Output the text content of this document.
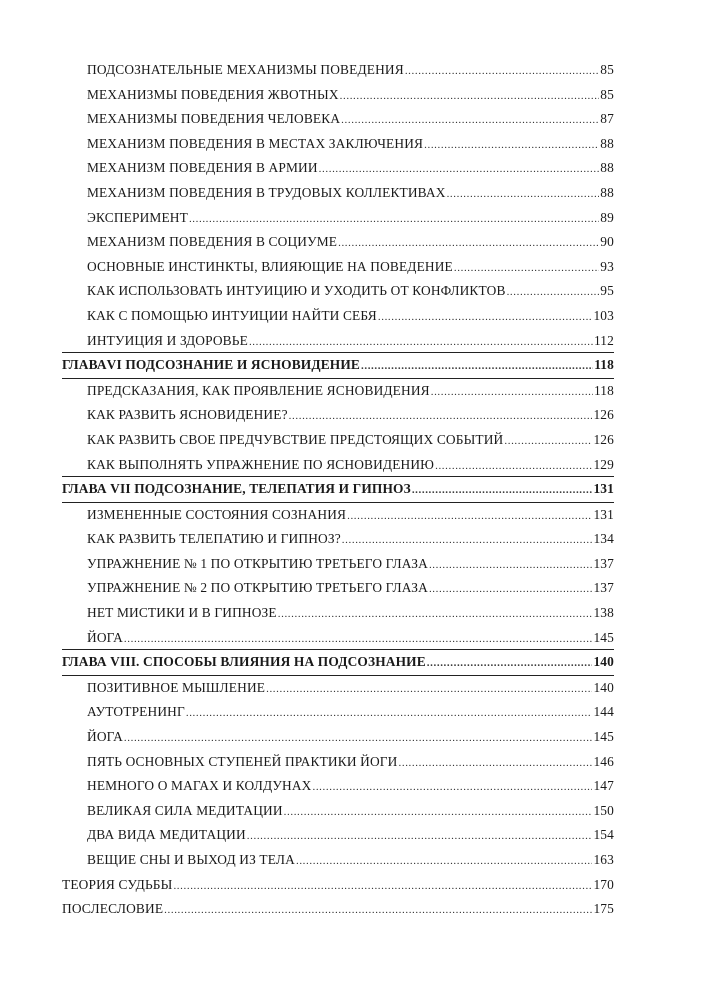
ПОДСОЗНАТЕЛЬНЫЕ МЕХАНИЗМЫ ПОВЕДЕНИЯ .....	85
МЕХАНИЗМЫ ПОВЕДЕНИЯ ЖВОТНЫХ .....	85
МЕХАНИЗМЫ ПОВЕДЕНИЯ ЧЕЛОВЕКА .....	87
МЕХАНИЗМ ПОВЕДЕНИЯ В МЕСТАХ ЗАКЛЮЧЕНИЯ .....	88
МЕХАНИЗМ ПОВЕДЕНИЯ В АРМИИ .....	88
МЕХАНИЗМ ПОВЕДЕНИЯ В ТРУДОВЫХ КОЛЛЕКТИВАХ .....	88
ЭКСПЕРИМЕНТ .....	89
МЕХАНИЗМ ПОВЕДЕНИЯ В СОЦИУМЕ .....	90
ОСНОВНЫЕ ИНСТИНКТЫ, ВЛИЯЮЩИЕ НА ПОВЕДЕНИЕ .....	93
КАК ИСПОЛЬЗОВАТЬ ИНТУИЦИЮ И УХОДИТЬ ОТ КОНФЛИКТОВ .....	95
КАК С ПОМОЩЬЮ ИНТУИЦИИ НАЙТИ СЕБЯ .....	103
ИНТУИЦИЯ И ЗДОРОВЬЕ .....	112
ГЛАВАVI ПОДСОЗНАНИЕ И ЯСНОВИДЕНИЕ .....	118
ПРЕДСКАЗАНИЯ, КАК ПРОЯВЛЕНИЕ ЯСНОВИДЕНИЯ .....	118
КАК РАЗВИТЬ ЯСНОВИДЕНИЕ? .....	126
КАК РАЗВИТЬ СВОЕ ПРЕДЧУВСТВИЕ ПРЕДСТОЯЩИХ СОБЫТИЙ .....	126
КАК ВЫПОЛНЯТЬ УПРАЖНЕНИЕ ПО ЯСНОВИДЕНИЮ .....	129
ГЛАВА VII ПОДСОЗНАНИЕ, ТЕЛЕПАТИЯ И ГИПНОЗ .....	131
ИЗМЕНЕННЫЕ СОСТОЯНИЯ СОЗНАНИЯ .....	131
КАК РАЗВИТЬ ТЕЛЕПАТИЮ И ГИПНОЗ? .....	134
УПРАЖНЕНИЕ № 1 ПО ОТКРЫТИЮ ТРЕТЬЕГО ГЛАЗА .....	137
УПРАЖНЕНИЕ № 2 ПО ОТКРЫТИЮ ТРЕТЬЕГО ГЛАЗА .....	137
НЕТ МИСТИКИ И В ГИПНОЗЕ .....	138
ЙОГА .....	145
ГЛАВА VIII. СПОСОБЫ ВЛИЯНИЯ НА ПОДСОЗНАНИЕ .....	140
ПОЗИТИВНОЕ МЫШЛЕНИЕ .....	140
АУТОТРЕНИНГ .....	144
ЙОГА .....	145
ПЯТЬ ОСНОВНЫХ СТУПЕНЕЙ ПРАКТИКИ ЙОГИ .....	146
НЕМНОГО О МАГАХ И КОЛДУНАХ .....	147
ВЕЛИКАЯ СИЛА МЕДИТАЦИИ .....	150
ДВА ВИДА МЕДИТАЦИИ .....	154
ВЕЩИЕ СНЫ И ВЫХОД ИЗ ТЕЛА .....	163
ТЕОРИЯ СУДЬБЫ .....	170
ПОСЛЕСЛОВИЕ .....	175
